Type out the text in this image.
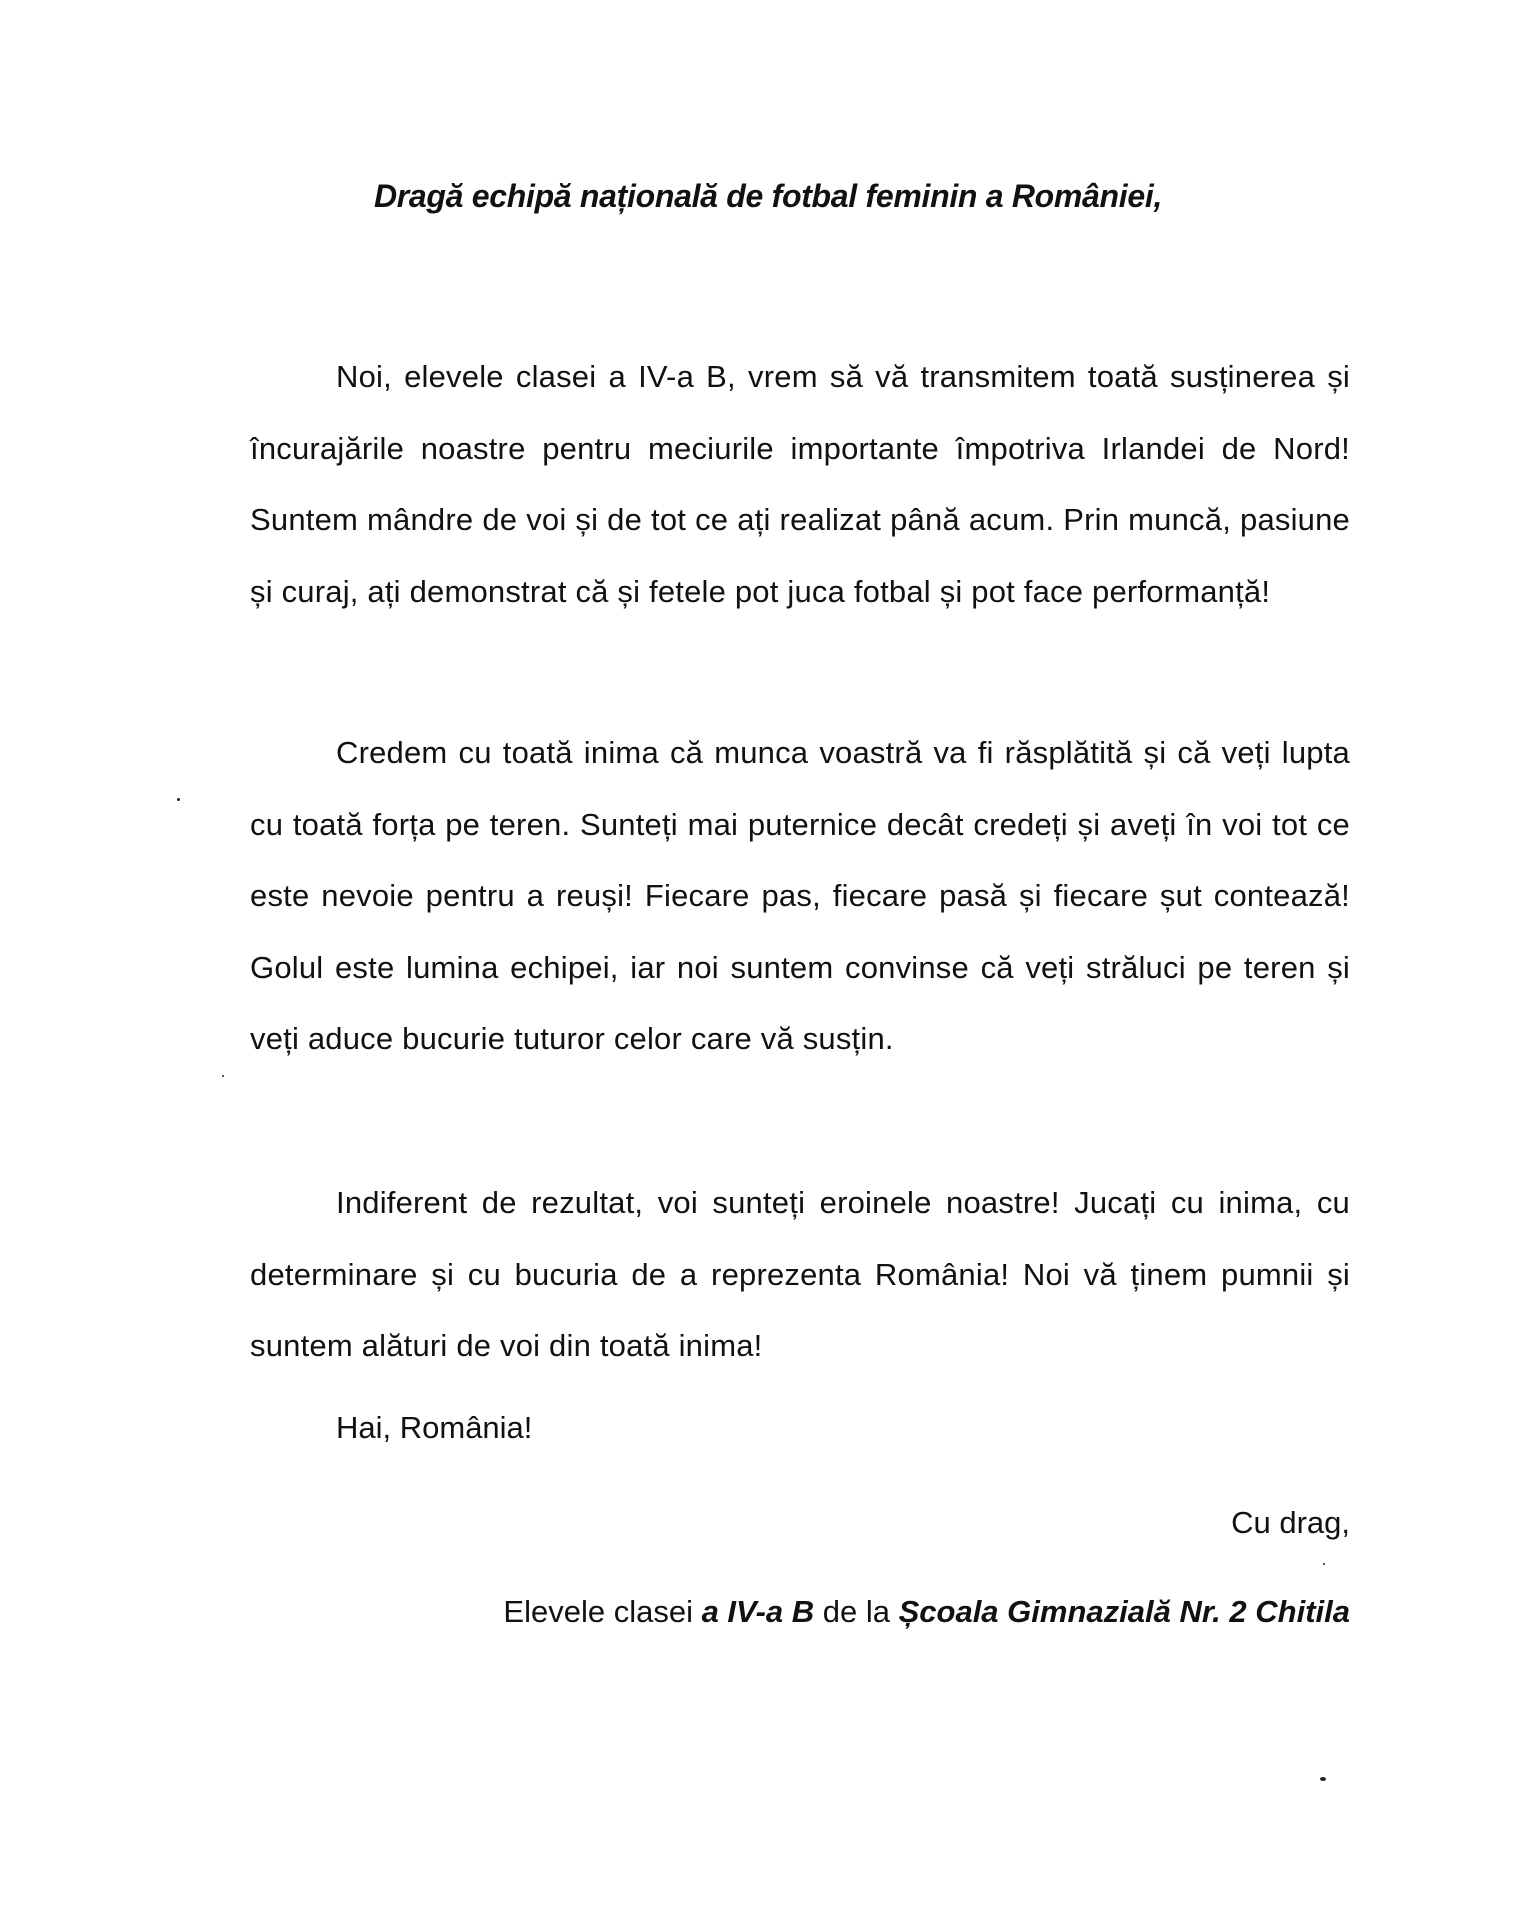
Dragă echipă națională de fotbal feminin a României,

Noi, elevele clasei a IV-a B, vrem să vă transmitem toată susținerea și încurajările noastre pentru meciurile importante împotriva Irlandei de Nord! Suntem mândre de voi și de tot ce ați realizat până acum. Prin muncă, pasiune și curaj, ați demonstrat că și fetele pot juca fotbal și pot face performanță!

Credem cu toată inima că munca voastră va fi răsplătită și că veți lupta cu toată forța pe teren. Sunteți mai puternice decât credeți și aveți în voi tot ce este nevoie pentru a reuși! Fiecare pas, fiecare pasă și fiecare șut contează! Golul este lumina echipei, iar noi suntem convinse că veți străluci pe teren și veți aduce bucurie tuturor celor care vă susțin.

Indiferent de rezultat, voi sunteți eroinele noastre! Jucați cu inima, cu determinare și cu bucuria de a reprezenta România! Noi vă ținem pumnii și suntem alături de voi din toată inima!

Hai, România!

Cu drag,

Elevele clasei a IV-a B de la Școala Gimnazială Nr. 2 Chitila
